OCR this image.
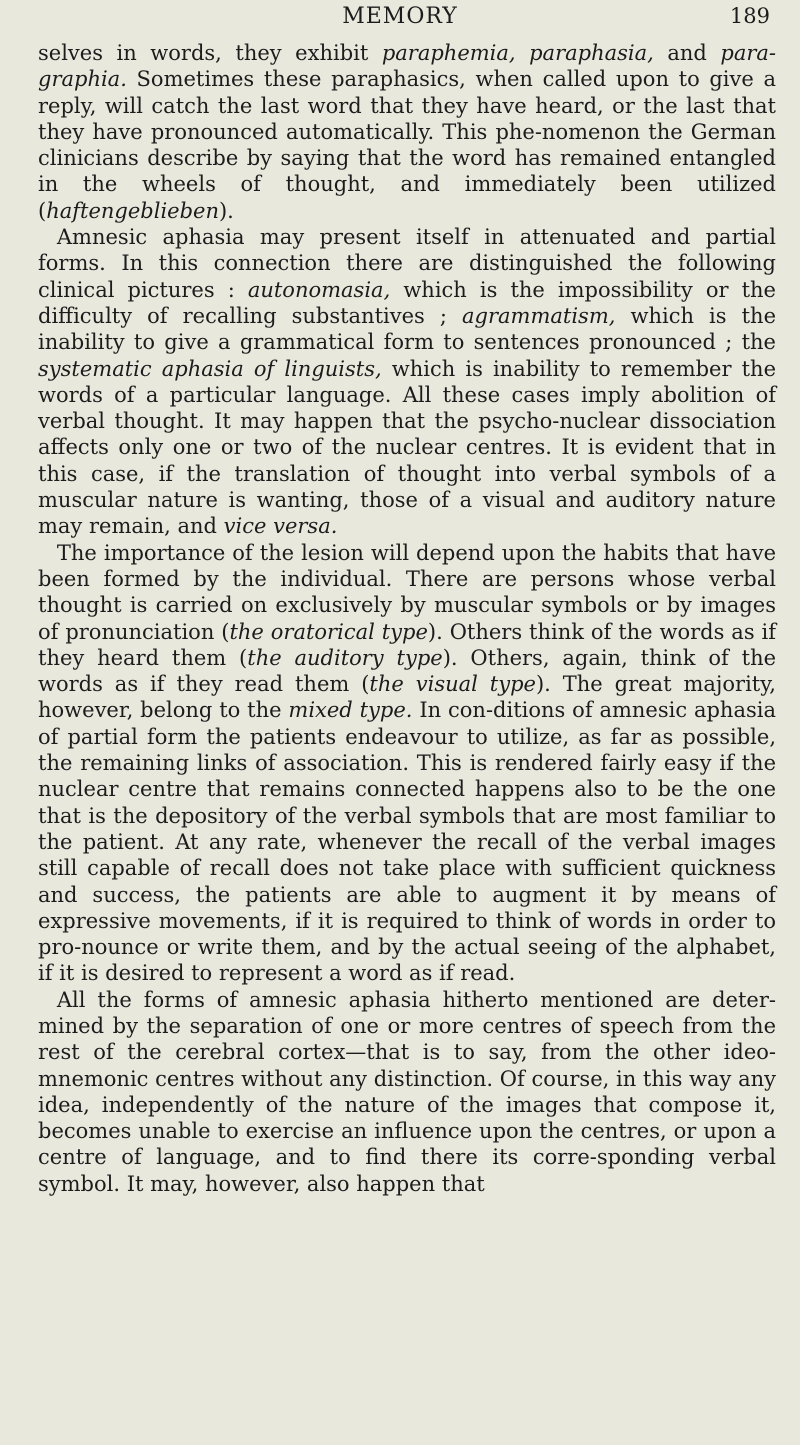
MEMORY	189

selves in words, they exhibit paraphemia, paraphasia, and para-graphia. Sometimes these paraphasics, when called upon to give a reply, will catch the last word that they have heard, or the last that they have pronounced automatically. This phe-nomenon the German clinicians describe by saying that the word has remained entangled in the wheels of thought, and immediately been utilized (haftengeblieben).

Amnesic aphasia may present itself in attenuated and partial forms. In this connection there are distinguished the following clinical pictures : autonomasia, which is the impossibility or the difficulty of recalling substantives ; agrammatism, which is the inability to give a grammatical form to sentences pronounced ; the systematic aphasia of linguists, which is inability to remember the words of a particular language. All these cases imply abolition of verbal thought. It may happen that the psycho-nuclear dissociation affects only one or two of the nuclear centres. It is evident that in this case, if the translation of thought into verbal symbols of a muscular nature is wanting, those of a visual and auditory nature may remain, and vice versa.

The importance of the lesion will depend upon the habits that have been formed by the individual. There are persons whose verbal thought is carried on exclusively by muscular symbols or by images of pronunciation (the oratorical type). Others think of the words as if they heard them (the auditory type). Others, again, think of the words as if they read them (the visual type). The great majority, however, belong to the mixed type. In con-ditions of amnesic aphasia of partial form the patients endeavour to utilize, as far as possible, the remaining links of association. This is rendered fairly easy if the nuclear centre that remains connected happens also to be the one that is the depository of the verbal symbols that are most familiar to the patient. At any rate, whenever the recall of the verbal images still capable of recall does not take place with sufficient quickness and success, the patients are able to augment it by means of expressive movements, if it is required to think of words in order to pro-nounce or write them, and by the actual seeing of the alphabet, if it is desired to represent a word as if read.

All the forms of amnesic aphasia hitherto mentioned are deter-mined by the separation of one or more centres of speech from the rest of the cerebral cortex—that is to say, from the other ideo-mnemonic centres without any distinction. Of course, in this way any idea, independently of the nature of the images that compose it, becomes unable to exercise an influence upon the centres, or upon a centre of language, and to find there its corre-sponding verbal symbol. It may, however, also happen that
